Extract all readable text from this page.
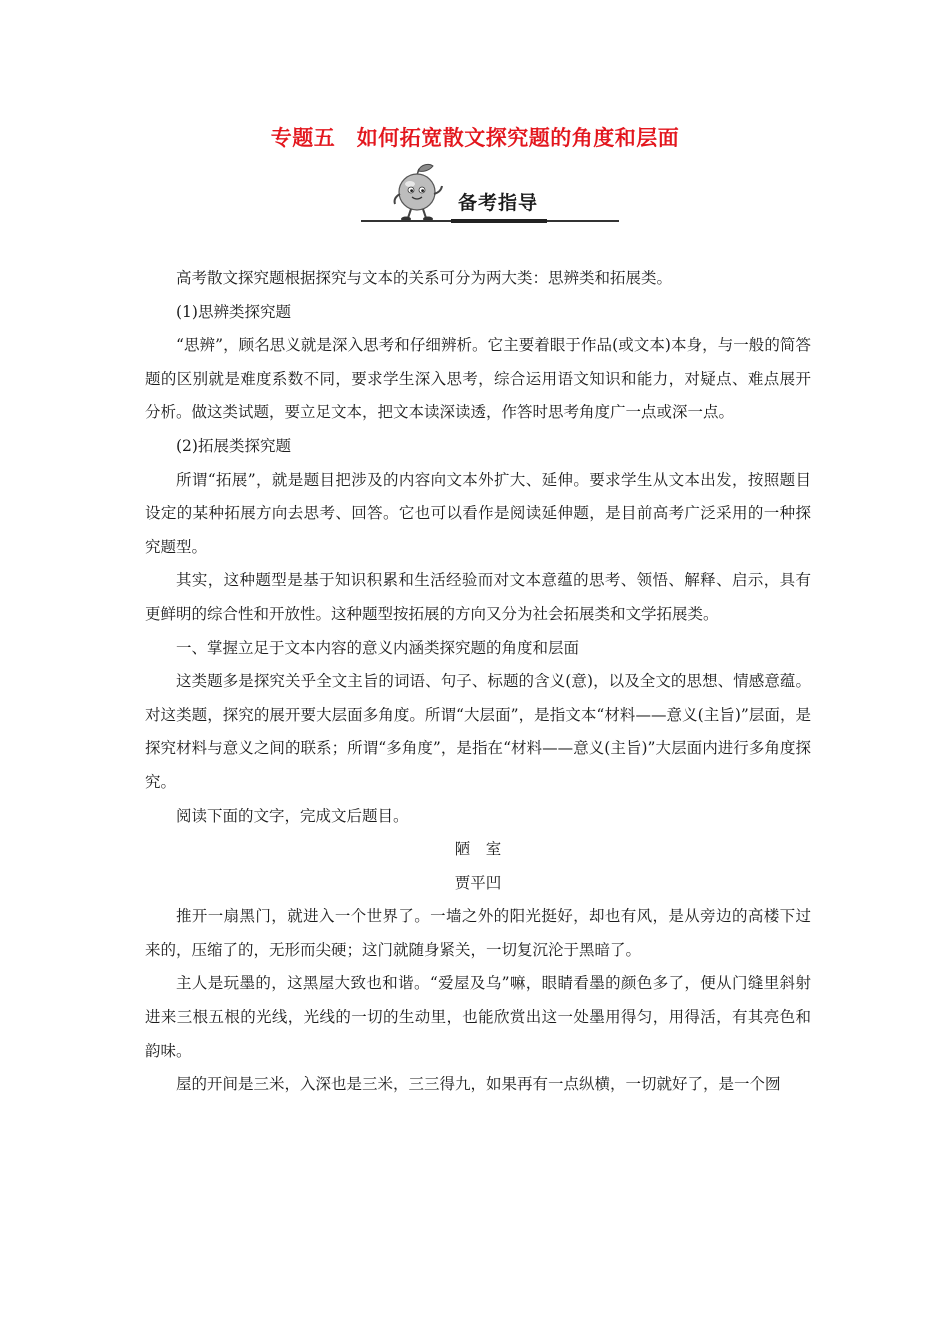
专题五　如何拓宽散文探究题的角度和层面
备考指导

高考散文探究题根据探究与文本的关系可分为两大类：思辨类和拓展类。

(1)思辨类探究题

“思辨”，顾名思义就是深入思考和仔细辨析。它主要着眼于作品(或文本)本身，与一般的简答题的区别就是难度系数不同，要求学生深入思考，综合运用语文知识和能力，对疑点、难点展开分析。做这类试题，要立足文本，把文本读深读透，作答时思考角度广一点或深一点。

(2)拓展类探究题

所谓“拓展”，就是题目把涉及的内容向文本外扩大、延伸。要求学生从文本出发，按照题目设定的某种拓展方向去思考、回答。它也可以看作是阅读延伸题，是目前高考广泛采用的一种探究题型。

其实，这种题型是基于知识积累和生活经验而对文本意蕴的思考、领悟、解释、启示，具有更鲜明的综合性和开放性。这种题型按拓展的方向又分为社会拓展类和文学拓展类。

一、掌握立足于文本内容的意义内涵类探究题的角度和层面

这类题多是探究关乎全文主旨的词语、句子、标题的含义(意)，以及全文的思想、情感意蕴。对这类题，探究的展开要大层面多角度。所谓“大层面”，是指文本“材料——意义(主旨)”层面，是探究材料与意义之间的联系；所谓“多角度”，是指在“材料——意义(主旨)”大层面内进行多角度探究。

阅读下面的文字，完成文后题目。

陋　室

贾平凹

推开一扇黑门，就进入一个世界了。一墙之外的阳光挺好，却也有风，是从旁边的高楼下过来的，压缩了的，无形而尖硬；这门就随身紧关，一切复沉沦于黑暗了。

主人是玩墨的，这黑屋大致也和谐。“爱屋及乌”嘛，眼睛看墨的颜色多了，便从门缝里斜射进来三根五根的光线，光线的一切的生动里，也能欣赏出这一处墨用得匀，用得活，有其亮色和韵味。

屋的开间是三米，入深也是三米，三三得九，如果再有一点纵横，一切就好了，是一个囫
